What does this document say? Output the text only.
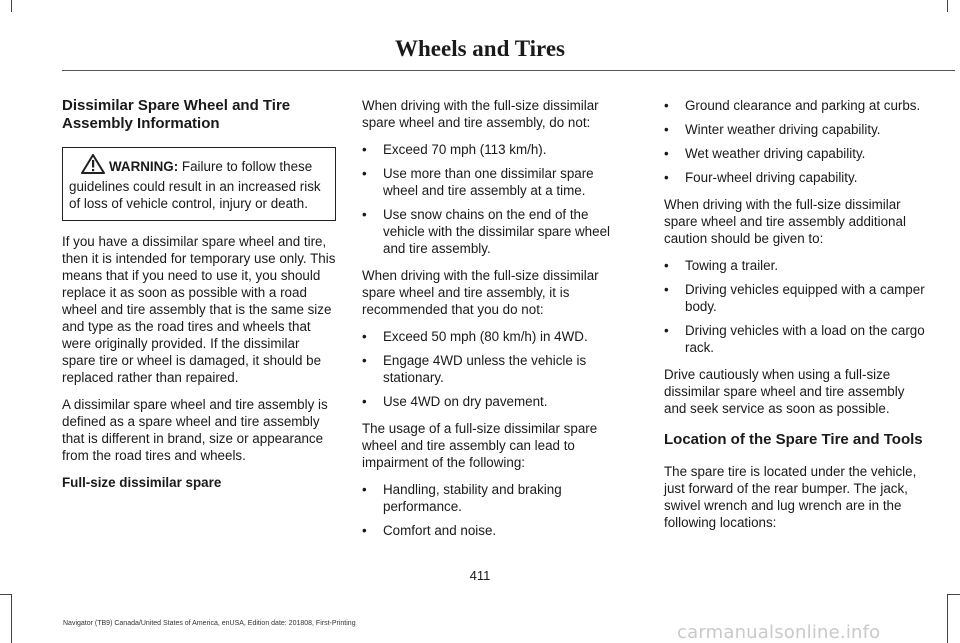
Wheels and Tires
Dissimilar Spare Wheel and Tire Assembly Information
WARNING: Failure to follow these guidelines could result in an increased risk of loss of vehicle control, injury or death.

If you have a dissimilar spare wheel and tire, then it is intended for temporary use only. This means that if you need to use it, you should replace it as soon as possible with a road wheel and tire assembly that is the same size and type as the road tires and wheels that were originally provided. If the dissimilar spare tire or wheel is damaged, it should be replaced rather than repaired.

A dissimilar spare wheel and tire assembly is defined as a spare wheel and tire assembly that is different in brand, size or appearance from the road tires and wheels.

Full-size dissimilar spare

When driving with the full-size dissimilar spare wheel and tire assembly, do not:

• Exceed 70 mph (113 km/h).
• Use more than one dissimilar spare wheel and tire assembly at a time.
• Use snow chains on the end of the vehicle with the dissimilar spare wheel and tire assembly.

When driving with the full-size dissimilar spare wheel and tire assembly, it is recommended that you do not:

• Exceed 50 mph (80 km/h) in 4WD.
• Engage 4WD unless the vehicle is stationary.
• Use 4WD on dry pavement.

The usage of a full-size dissimilar spare wheel and tire assembly can lead to impairment of the following:

• Handling, stability and braking performance.
• Comfort and noise.
• Ground clearance and parking at curbs.
• Winter weather driving capability.
• Wet weather driving capability.
• Four-wheel driving capability.

When driving with the full-size dissimilar spare wheel and tire assembly additional caution should be given to:

• Towing a trailer.
• Driving vehicles equipped with a camper body.
• Driving vehicles with a load on the cargo rack.

Drive cautiously when using a full-size dissimilar spare wheel and tire assembly and seek service as soon as possible.

Location of the Spare Tire and Tools

The spare tire is located under the vehicle, just forward of the rear bumper. The jack, swivel wrench and lug wrench are in the following locations:

411
Navigator (TB9) Canada/United States of America, enUSA, Edition date: 201808, First-Printing	carmanualsonline.info
